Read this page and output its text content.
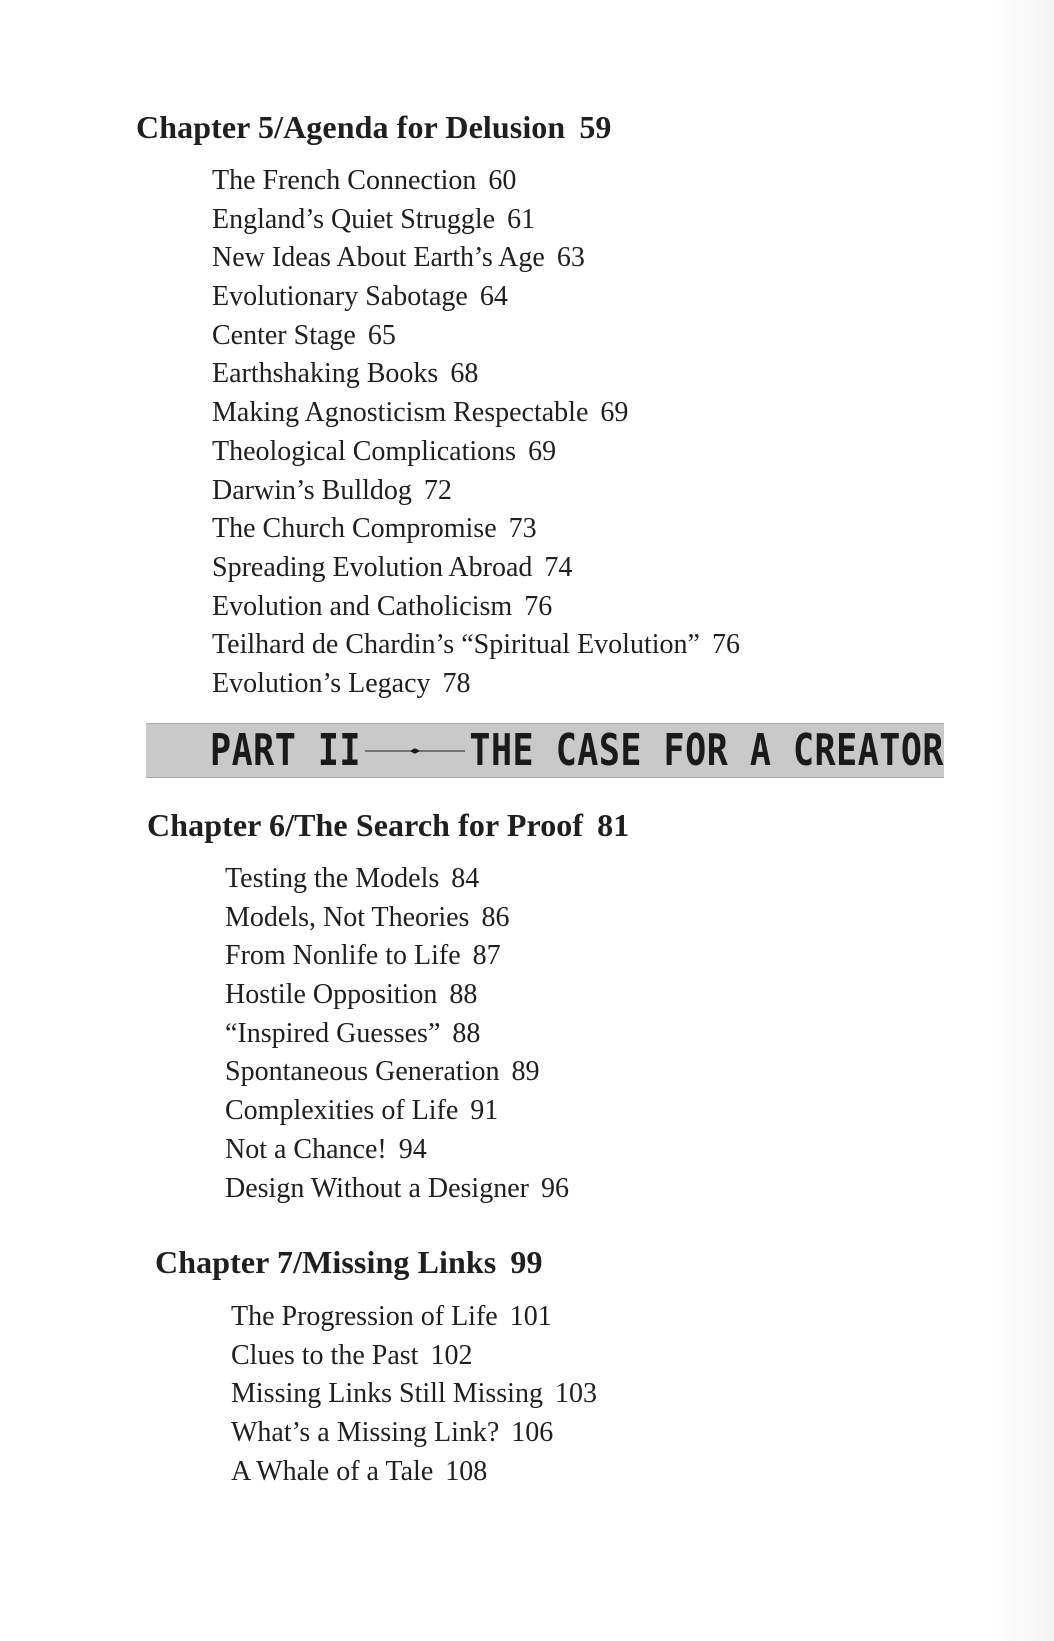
Chapter 5/Agenda for Delusion 59
The French Connection 60
England’s Quiet Struggle 61
New Ideas About Earth’s Age 63
Evolutionary Sabotage 64
Center Stage 65
Earthshaking Books 68
Making Agnosticism Respectable 69
Theological Complications 69
Darwin’s Bulldog 72
The Church Compromise 73
Spreading Evolution Abroad 74
Evolution and Catholicism 76
Teilhard de Chardin’s “Spiritual Evolution” 76
Evolution’s Legacy 78
PART II	THE CASE FOR A CREATOR
Chapter 6/The Search for Proof 81
Testing the Models 84
Models, Not Theories 86
From Nonlife to Life 87
Hostile Opposition 88
“Inspired Guesses” 88
Spontaneous Generation 89
Complexities of Life 91
Not a Chance! 94
Design Without a Designer 96
Chapter 7/Missing Links 99
The Progression of Life 101
Clues to the Past 102
Missing Links Still Missing 103
What’s a Missing Link? 106
A Whale of a Tale 108
